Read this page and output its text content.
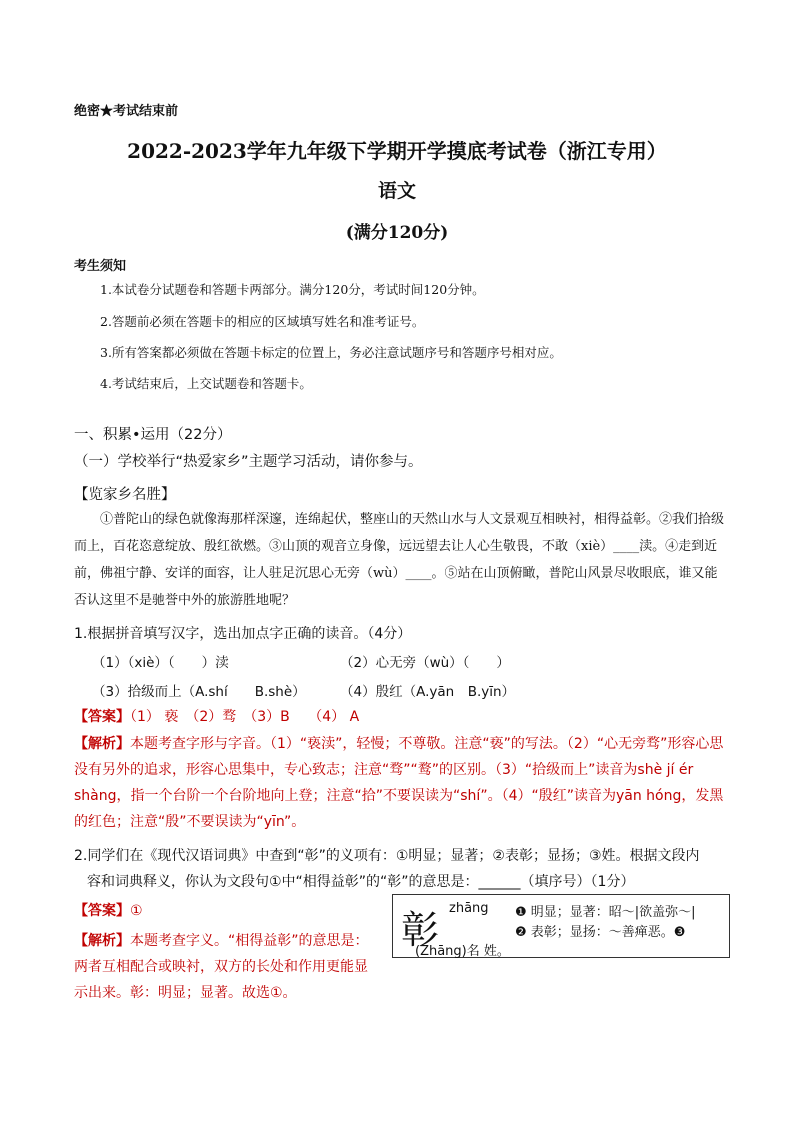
绝密★考试结束前
2022-2023学年九年级下学期开学摸底考试卷（浙江专用）
语文
(满分120分)
考生须知
1.本试卷分试题卷和答题卡两部分。满分120分，考试时间120分钟。
2.答题前必须在答题卡的相应的区域填写姓名和准考证号。
3.所有答案都必须做在答题卡标定的位置上，务必注意试题序号和答题序号相对应。
4.考试结束后，上交试题卷和答题卡。
一、积累•运用（22分）
（一）学校举行“热爱家乡”主题学习活动，请你参与。
【览家乡名胜】

①普陀山的绿色就像海那样深邃，连绵起伏，整座山的天然山水与人文景观互相映衬，相得益彰。②我们拾级而上，百花恣意绽放、殷红欲燃。③山顶的观音立身像，远远望去让人心生敬畏，不敢（xiè）____渎。④走到近前，佛祖宁静、安详的面容，让人驻足沉思心无旁（wù）____。⑤站在山顶俯瞰，普陀山风景尽收眼底，谁又能否认这里不是驰誉中外的旅游胜地呢？

1.根据拼音填写汉字，选出加点字正确的读音。（4分）
（1）（xiè）（　　）渎	（2）心无旁（wù）（　　）
（3）拾级而上（A.shí　　B.shè）	（4）殷红（A.yān　B.yīn）
【答案】（1） 亵　（2）骛　（3）B　 （4） A
【解析】本题考查字形与字音。（1）“亵渎”，轻慢；不尊敬。注意“亵”的写法。（2）“心无旁骛”形容心思没有另外的追求，形容心思集中，专心致志；注意“骛”“鹜”的区别。（3）“拾级而上”读音为shè jí ér shàng，指一个台阶一个台阶地向上登；注意“拾”不要误读为“shí”。（4）“殷红”读音为yān hóng，发黑的红色；注意“殷”不要误读为“yīn”。
2.同学们在《现代汉语词典》中查到“彰”的义项有：①明显；显著；②表彰；显扬；③姓。根据文段内
容和词典释义，你认为文段句①中“相得益彰”的“彰”的意思是：______（填序号）（1分）
【答案】①
【解析】本题考查字义。“相得益彰”的意思是：
两者互相配合或映衬，双方的长处和作用更能显
示出来。彰：明显；显著。故选①。
彰 zhāng ❶ 明显；显著：昭～|欲盖弥～|
❷ 表彰；显扬：～善瘅恶。❸
(Zhāng)名 姓。
